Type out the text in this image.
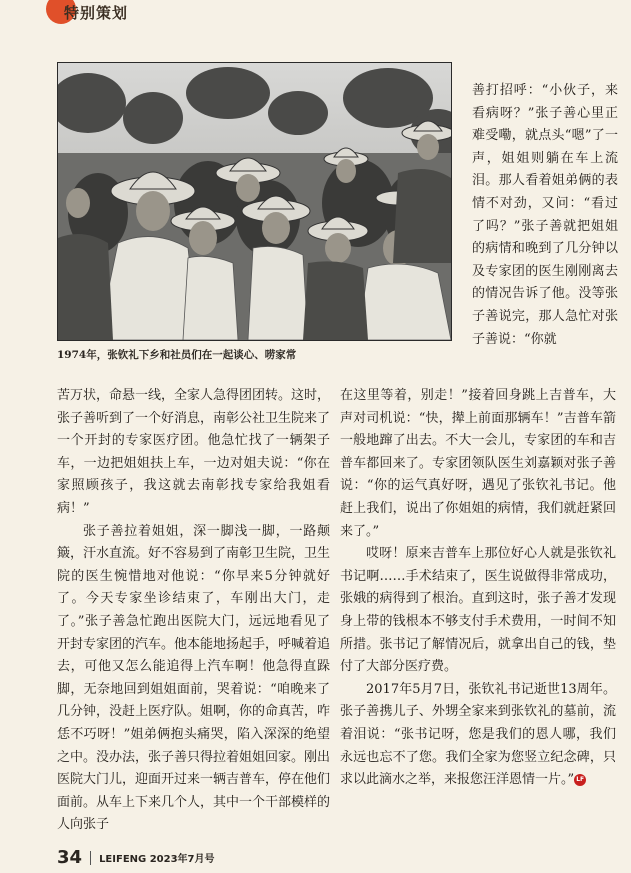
特别策划
1974年，张钦礼下乡和社员们在一起谈心、唠家常

善打招呼：“小伙子，来看病呀？”张子善心里正难受嘞，就点头“嗯”了一声，姐姐则躺在车上流泪。那人看着姐弟俩的表情不对劲，又问：“看过了吗？”张子善就把姐姐的病情和晚到了几分钟以及专家团的医生刚刚离去的情况告诉了他。没等张子善说完，那人急忙对张子善说：“你就

苦万状，命悬一线，全家人急得团团转。这时，张子善听到了一个好消息，南彰公社卫生院来了一个开封的专家医疗团。他急忙找了一辆架子车，一边把姐姐扶上车，一边对姐夫说：“你在家照顾孩子，我这就去南彰找专家给我姐看病！”

张子善拉着姐姐，深一脚浅一脚，一路颠簸，汗水直流。好不容易到了南彰卫生院，卫生院的医生惋惜地对他说：“你早来5分钟就好了。今天专家坐诊结束了，车刚出大门，走了。”张子善急忙跑出医院大门，远远地看见了开封专家团的汽车。他本能地扬起手，呼喊着追去，可他又怎么能追得上汽车啊！他急得直跺脚，无奈地回到姐姐面前，哭着说：“咱晚来了几分钟，没赶上医疗队。姐啊，你的命真苦，咋恁不巧呀！”姐弟俩抱头痛哭，陷入深深的绝望之中。没办法，张子善只得拉着姐姐回家。刚出医院大门儿，迎面开过来一辆吉普车，停在他们面前。从车上下来几个人，其中一个干部模样的人向张子

在这里等着，别走！”接着回身跳上吉普车，大声对司机说：“快，撵上前面那辆车！”吉普车箭一般地蹿了出去。不大一会儿，专家团的车和吉普车都回来了。专家团领队医生刘嘉颖对张子善说：“你的运气真好呀，遇见了张钦礼书记。他赶上我们，说出了你姐姐的病情，我们就赶紧回来了。”

哎呀！原来吉普车上那位好心人就是张钦礼书记啊……手术结束了，医生说做得非常成功，张娥的病得到了根治。直到这时，张子善才发现身上带的钱根本不够支付手术费用，一时间不知所措。张书记了解情况后，就拿出自己的钱，垫付了大部分医疗费。

2017年5月7日，张钦礼书记逝世13周年。张子善携儿子、外甥全家来到张钦礼的墓前，流着泪说：“张书记呀，您是我们的恩人哪，我们永远也忘不了您。我们全家为您竖立纪念碑，只求以此滴水之举，来报您汪洋恩情一片。” LF

34 LEIFENG 2023年7月号
